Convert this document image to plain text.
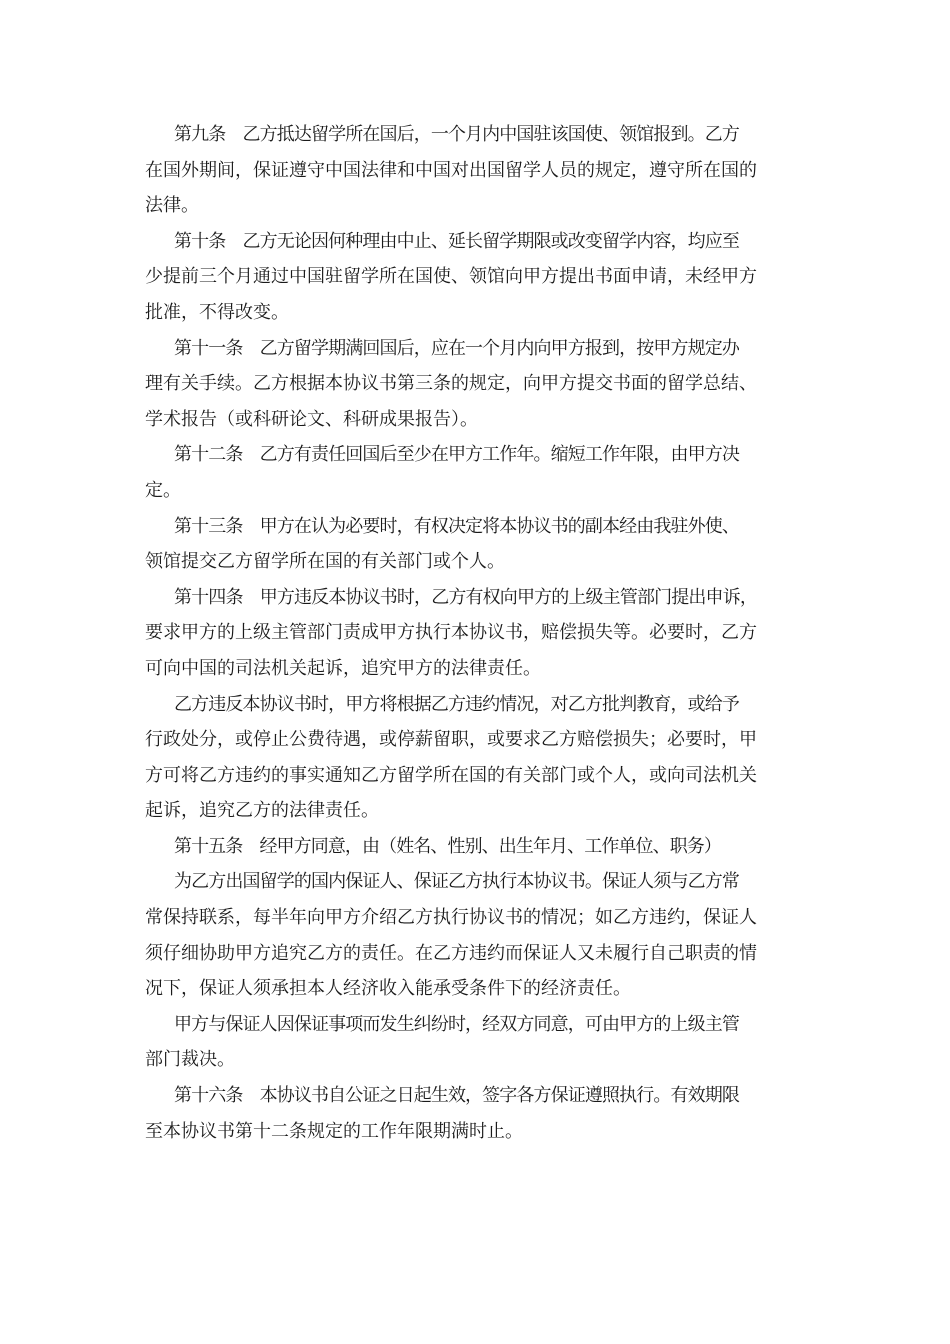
第九条　乙方抵达留学所在国后，一个月内中国驻该国使、领馆报到。乙方
在国外期间，保证遵守中国法律和中国对出国留学人员的规定，遵守所在国的
法律。

第十条　乙方无论因何种理由中止、延长留学期限或改变留学内容，均应至
少提前三个月通过中国驻留学所在国使、领馆向甲方提出书面申请，未经甲方
批准，不得改变。

第十一条　乙方留学期满回国后，应在一个月内向甲方报到，按甲方规定办
理有关手续。乙方根据本协议书第三条的规定，向甲方提交书面的留学总结、
学术报告（或科研论文、科研成果报告）。

第十二条　乙方有责任回国后至少在甲方工作年。缩短工作年限，由甲方决
定。

第十三条　甲方在认为必要时，有权决定将本协议书的副本经由我驻外使、
领馆提交乙方留学所在国的有关部门或个人。

第十四条　甲方违反本协议书时，乙方有权向甲方的上级主管部门提出申诉，
要求甲方的上级主管部门责成甲方执行本协议书，赔偿损失等。必要时，乙方
可向中国的司法机关起诉，追究甲方的法律责任。

乙方违反本协议书时，甲方将根据乙方违约情况，对乙方批判教育，或给予
行政处分，或停止公费待遇，或停薪留职，或要求乙方赔偿损失；必要时，甲
方可将乙方违约的事实通知乙方留学所在国的有关部门或个人，或向司法机关
起诉，追究乙方的法律责任。

第十五条　经甲方同意，由（姓名、性别、出生年月、工作单位、职务）

为乙方出国留学的国内保证人、保证乙方执行本协议书。保证人须与乙方常
常保持联系，每半年向甲方介绍乙方执行协议书的情况；如乙方违约，保证人
须仔细协助甲方追究乙方的责任。在乙方违约而保证人又未履行自己职责的情
况下，保证人须承担本人经济收入能承受条件下的经济责任。

甲方与保证人因保证事项而发生纠纷时，经双方同意，可由甲方的上级主管
部门裁决。

第十六条　本协议书自公证之日起生效，签字各方保证遵照执行。有效期限
至本协议书第十二条规定的工作年限期满时止。
